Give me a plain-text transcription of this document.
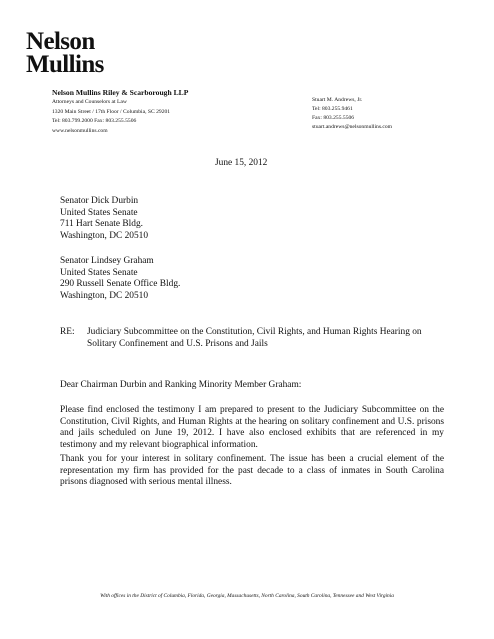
Nelson
Mullins
Nelson Mullins Riley & Scarborough LLP
Attorneys and Counselors at Law
1320 Main Street / 17th Floor / Columbia, SC 29201
Tel: 803.799.2000 Fax: 803.255.5506
www.nelsonmullins.com
Stuart M. Andrews, Jr.
Tel: 803.255.9461
Fax: 803.255.5506
stuart.andrews@nelsonmullins.com
June 15, 2012
Senator Dick Durbin
United States Senate
711 Hart Senate Bldg.
Washington, DC 20510
Senator Lindsey Graham
United States Senate
290 Russell Senate Office Bldg.
Washington, DC 20510
RE: Judiciary Subcommittee on the Constitution, Civil Rights, and Human Rights Hearing on Solitary Confinement and U.S. Prisons and Jails
Dear Chairman Durbin and Ranking Minority Member Graham:
Please find enclosed the testimony I am prepared to present to the Judiciary Subcommittee on the Constitution, Civil Rights, and Human Rights at the hearing on solitary confinement and U.S. prisons and jails scheduled on June 19, 2012. I have also enclosed exhibits that are referenced in my testimony and my relevant biographical information.
Thank you for your interest in solitary confinement. The issue has been a crucial element of the representation my firm has provided for the past decade to a class of inmates in South Carolina prisons diagnosed with serious mental illness.
With offices in the District of Columbia, Florida, Georgia, Massachusetts, North Carolina, South Carolina, Tennessee and West Virginia
